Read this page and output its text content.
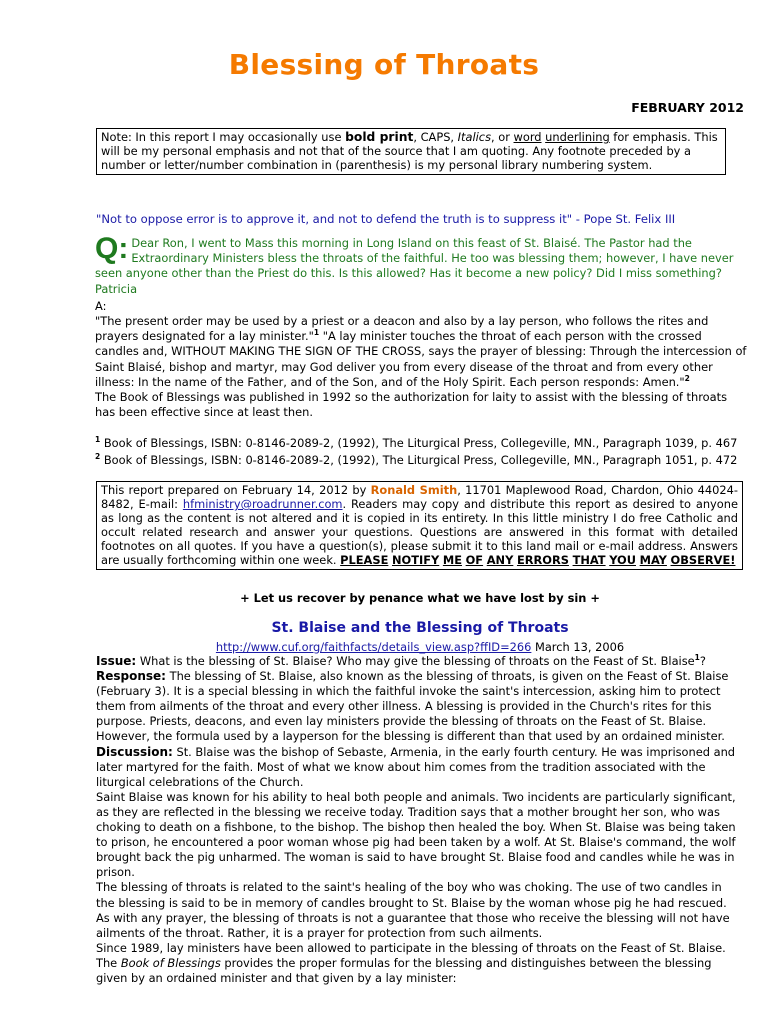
Blessing of Throats
FEBRUARY 2012
Note: In this report I may occasionally use bold print, CAPS, Italics, or word underlining for emphasis. This will be my personal emphasis and not that of the source that I am quoting. Any footnote preceded by a number or letter/number combination in (parenthesis) is my personal library numbering system.
"Not to oppose error is to approve it, and not to defend the truth is to suppress it" - Pope St. Felix III
Q: Dear Ron, I went to Mass this morning in Long Island on this feast of St. Blaisé. The Pastor had the Extraordinary Ministers bless the throats of the faithful. He too was blessing them; however, I have never seen anyone other than the Priest do this. Is this allowed? Has it become a new policy? Did I miss something? Patricia
A:
"The present order may be used by a priest or a deacon and also by a lay person, who follows the rites and prayers designated for a lay minister."$^1$ "A lay minister touches the throat of each person with the crossed candles and, WITHOUT MAKING THE SIGN OF THE CROSS, says the prayer of blessing: Through the intercession of Saint Blaisé, bishop and martyr, may God deliver you from every disease of the throat and from every other illness: In the name of the Father, and of the Son, and of the Holy Spirit. Each person responds: Amen."$^2$
The Book of Blessings was published in 1992 so the authorization for laity to assist with the blessing of throats has been effective since at least then.
$^1$ Book of Blessings, ISBN: 0-8146-2089-2, (1992), The Liturgical Press, Collegeville, MN., Paragraph 1039, p. 467
$^2$ Book of Blessings, ISBN: 0-8146-2089-2, (1992), The Liturgical Press, Collegeville, MN., Paragraph 1051, p. 472
This report prepared on February 14, 2012 by Ronald Smith, 11701 Maplewood Road, Chardon, Ohio 44024-8482, E-mail: hfministry@roadrunner.com. Readers may copy and distribute this report as desired to anyone as long as the content is not altered and it is copied in its entirety. In this little ministry I do free Catholic and occult related research and answer your questions. Questions are answered in this format with detailed footnotes on all quotes. If you have a question(s), please submit it to this land mail or e-mail address. Answers are usually forthcoming within one week. PLEASE NOTIFY ME OF ANY ERRORS THAT YOU MAY OBSERVE!
+ Let us recover by penance what we have lost by sin +
St. Blaise and the Blessing of Throats
http://www.cuf.org/faithfacts/details_view.asp?ffID=266 March 13, 2006

Issue: What is the blessing of St. Blaise? Who may give the blessing of throats on the Feast of St. Blaise$^1$?

Response: The blessing of St. Blaise, also known as the blessing of throats, is given on the Feast of St. Blaise (February 3). It is a special blessing in which the faithful invoke the saint's intercession, asking him to protect them from ailments of the throat and every other illness. A blessing is provided in the Church's rites for this purpose. Priests, deacons, and even lay ministers provide the blessing of throats on the Feast of St. Blaise. However, the formula used by a layperson for the blessing is different than that used by an ordained minister.

Discussion: St. Blaise was the bishop of Sebaste, Armenia, in the early fourth century. He was imprisoned and later martyred for the faith. Most of what we know about him comes from the tradition associated with the liturgical celebrations of the Church.

Saint Blaise was known for his ability to heal both people and animals. Two incidents are particularly significant, as they are reflected in the blessing we receive today. Tradition says that a mother brought her son, who was choking to death on a fishbone, to the bishop. The bishop then healed the boy. When St. Blaise was being taken to prison, he encountered a poor woman whose pig had been taken by a wolf. At St. Blaise's command, the wolf brought back the pig unharmed. The woman is said to have brought St. Blaise food and candles while he was in prison.

The blessing of throats is related to the saint's healing of the boy who was choking. The use of two candles in the blessing is said to be in memory of candles brought to St. Blaise by the woman whose pig he had rescued.

As with any prayer, the blessing of throats is not a guarantee that those who receive the blessing will not have ailments of the throat. Rather, it is a prayer for protection from such ailments.

Since 1989, lay ministers have been allowed to participate in the blessing of throats on the Feast of St. Blaise. The Book of Blessings provides the proper formulas for the blessing and distinguishes between the blessing given by an ordained minister and that given by a lay minister:
